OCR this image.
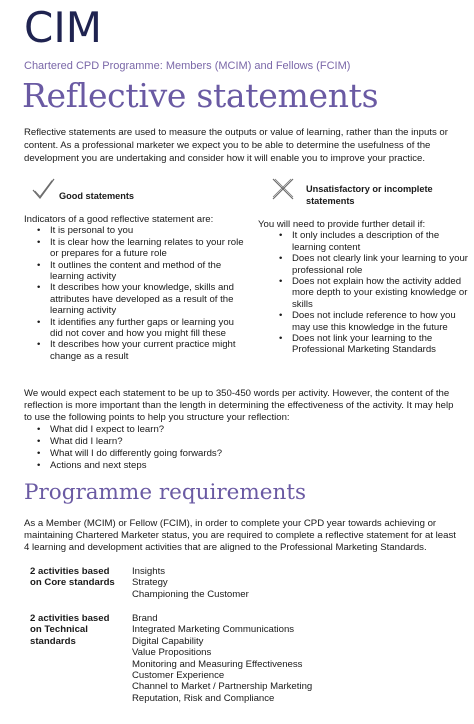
CIM
Chartered CPD Programme: Members (MCIM) and Fellows (FCIM)
Reflective statements
Reflective statements are used to measure the outputs or value of learning, rather than the inputs or content. As a professional marketer we expect you to be able to determine the usefulness of the development you are undertaking and consider how it will enable you to improve your practice.
Good statements

Indicators of a good reflective statement are:

• It is personal to you
• It is clear how the learning relates to your role or prepares for a future role
• It outlines the content and method of the learning activity
• It describes how your knowledge, skills and attributes have developed as a result of the learning activity
• It identifies any further gaps or learning you did not cover and how you might fill these
• It describes how your current practice might change as a result
Unsatisfactory or incomplete statements

You will need to provide further detail if:

• It only includes a description of the learning content
• Does not clearly link your learning to your professional role
• Does not explain how the activity added more depth to your existing knowledge or skills
• Does not include reference to how you may use this knowledge in the future
• Does not link your learning to the Professional Marketing Standards

We would expect each statement to be up to 350-450 words per activity. However, the content of the reflection is more important than the length in determining the effectiveness of the activity. It may help to use the following points to help you structure your reflection:

• What did I expect to learn?
• What did I learn?
• What will I do differently going forwards?
• Actions and next steps
Programme requirements
As a Member (MCIM) or Fellow (FCIM), in order to complete your CPD year towards achieving or maintaining Chartered Marketer status, you are required to complete a reflective statement for at least 4 learning and development activities that are aligned to the Professional Marketing Standards.
2 activities based
on Core standards
Insights
Strategy
Championing the Customer
2 activities based
on Technical
standards
Brand
Integrated Marketing Communications
Digital Capability
Value Propositions
Monitoring and Measuring Effectiveness
Customer Experience
Channel to Market / Partnership Marketing
Reputation, Risk and Compliance
